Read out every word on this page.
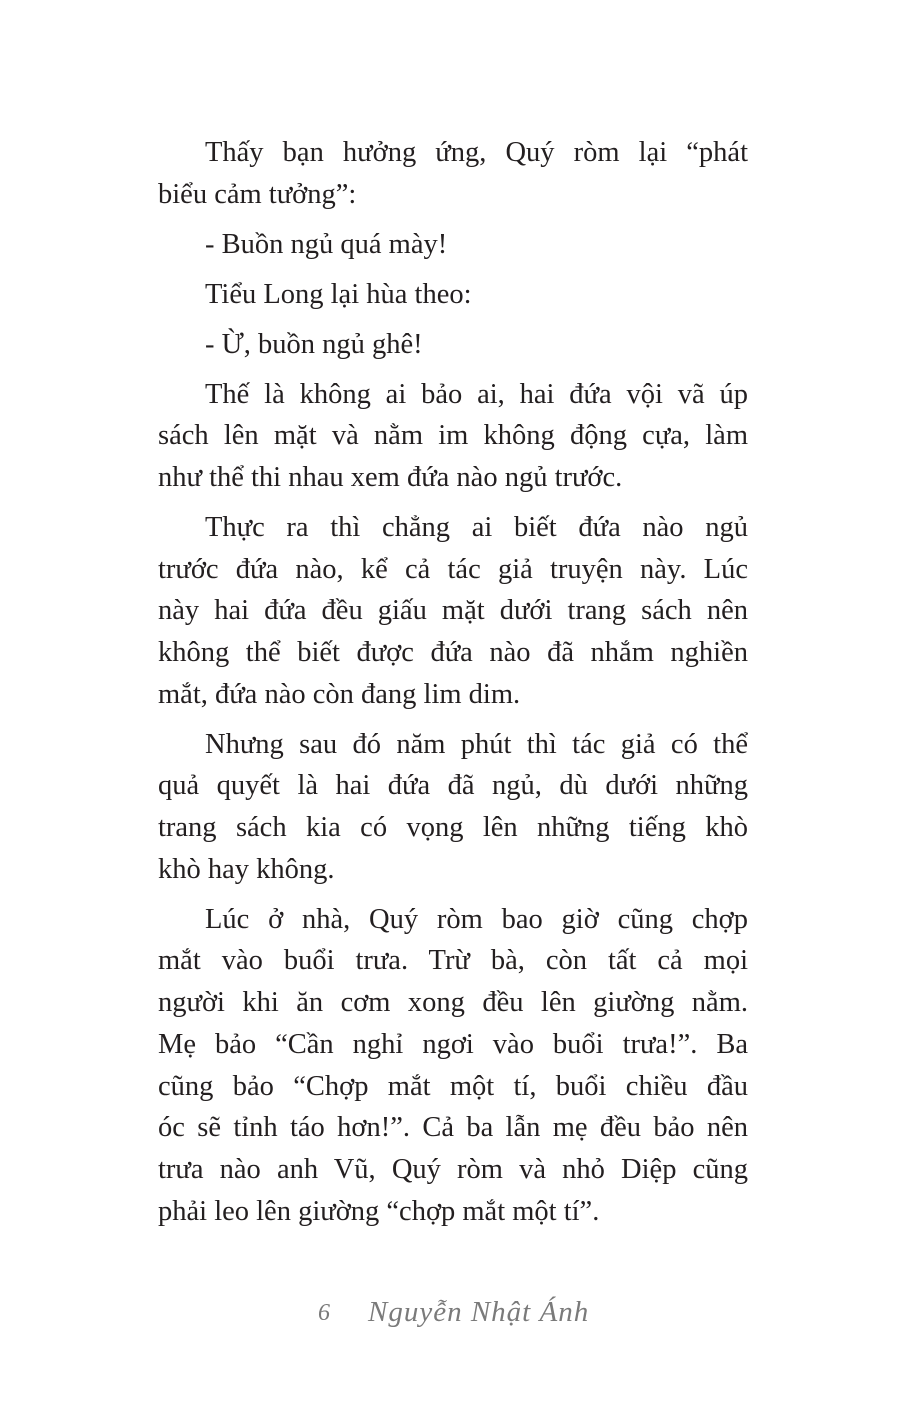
Thấy bạn hưởng ứng, Quý ròm lại “phát
biểu cảm tưởng”:
- Buồn ngủ quá mày!
Tiểu Long lại hùa theo:
- Ừ, buồn ngủ ghê!
Thế là không ai bảo ai, hai đứa vội vã úp
sách lên mặt và nằm im không động cựa, làm
như thể thi nhau xem đứa nào ngủ trước.
Thực ra thì chẳng ai biết đứa nào ngủ
trước đứa nào, kể cả tác giả truyện này. Lúc
này hai đứa đều giấu mặt dưới trang sách nên
không thể biết được đứa nào đã nhắm nghiền
mắt, đứa nào còn đang lim dim.
Nhưng sau đó năm phút thì tác giả có thể
quả quyết là hai đứa đã ngủ, dù dưới những
trang sách kia có vọng lên những tiếng khò
khò hay không.
Lúc ở nhà, Quý ròm bao giờ cũng chợp
mắt vào buổi trưa. Trừ bà, còn tất cả mọi
người khi ăn cơm xong đều lên giường nằm.
Mẹ bảo “Cần nghỉ ngơi vào buổi trưa!”. Ba
cũng bảo “Chợp mắt một tí, buổi chiều đầu
óc sẽ tỉnh táo hơn!”. Cả ba lẫn mẹ đều bảo nên
trưa nào anh Vũ, Quý ròm và nhỏ Diệp cũng
phải leo lên giường “chợp mắt một tí”.
6 Nguyễn Nhật Ánh
